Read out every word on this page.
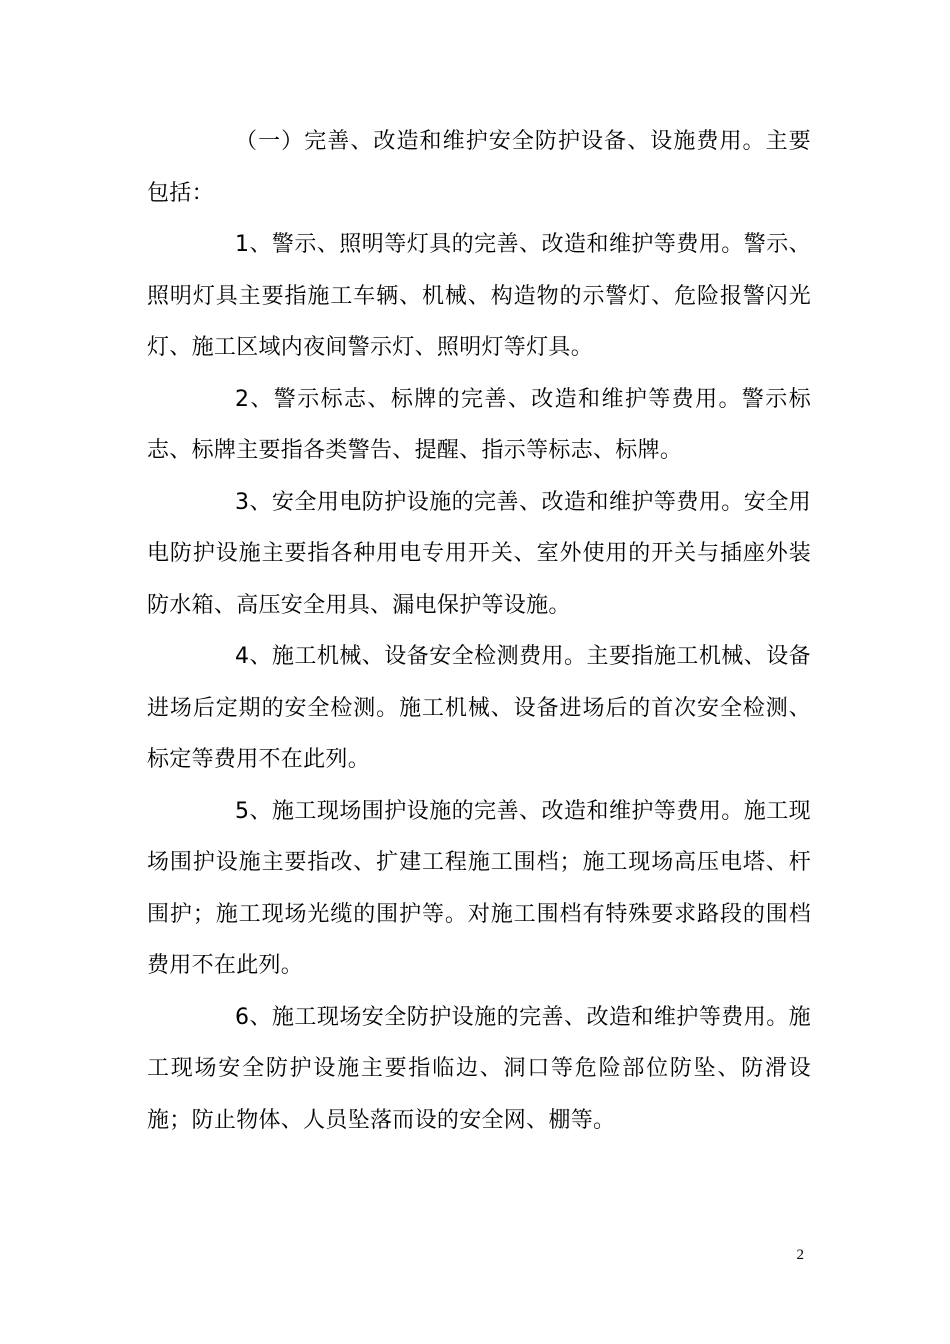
（一）完善、改造和维护安全防护设备、设施费用。主要包括：

1、警示、照明等灯具的完善、改造和维护等费用。警示、照明灯具主要指施工车辆、机械、构造物的示警灯、危险报警闪光灯、施工区域内夜间警示灯、照明灯等灯具。

2、警示标志、标牌的完善、改造和维护等费用。警示标志、标牌主要指各类警告、提醒、指示等标志、标牌。

3、安全用电防护设施的完善、改造和维护等费用。安全用电防护设施主要指各种用电专用开关、室外使用的开关与插座外装防水箱、高压安全用具、漏电保护等设施。

4、施工机械、设备安全检测费用。主要指施工机械、设备进场后定期的安全检测。施工机械、设备进场后的首次安全检测、标定等费用不在此列。

5、施工现场围护设施的完善、改造和维护等费用。施工现场围护设施主要指改、扩建工程施工围档；施工现场高压电塔、杆围护；施工现场光缆的围护等。对施工围档有特殊要求路段的围档费用不在此列。

6、施工现场安全防护设施的完善、改造和维护等费用。施工现场安全防护设施主要指临边、洞口等危险部位防坠、防滑设施；防止物体、人员坠落而设的安全网、棚等。

2
